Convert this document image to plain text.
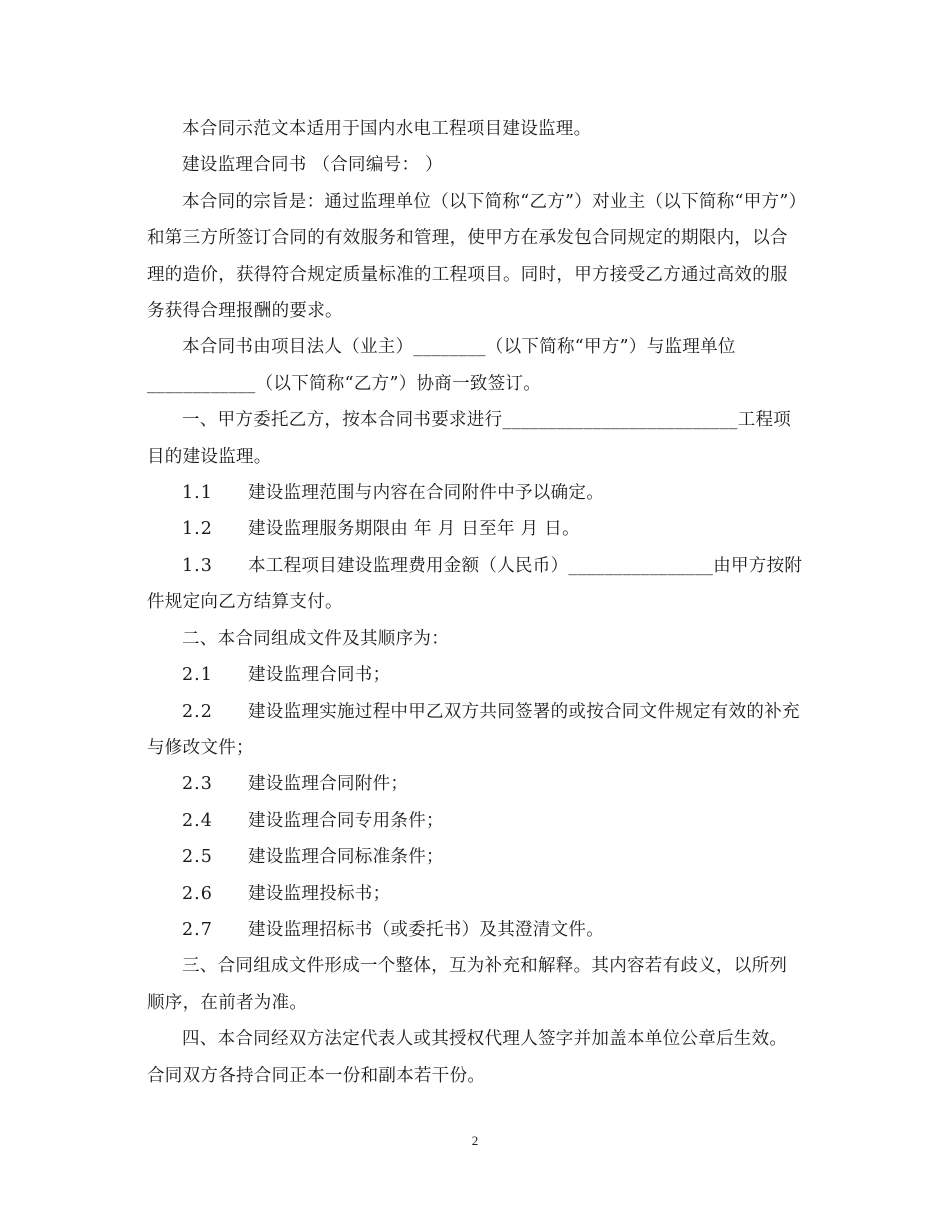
本合同示范文本适用于国内水电工程项目建设监理。

建设监理合同书 （合同编号： ）

本合同的宗旨是：通过监理单位（以下简称“乙方”）对业主（以下简称“甲方”）和第三方所签订合同的有效服务和管理，使甲方在承发包合同规定的期限内，以合理的造价，获得符合规定质量标准的工程项目。同时，甲方接受乙方通过高效的服务获得合理报酬的要求。

本合同书由项目法人（业主）________（以下简称“甲方”）与监理单位____________（以下简称“乙方”）协商一致签订。

一、甲方委托乙方，按本合同书要求进行__________________________工程项目的建设监理。

1.1 建设监理范围与内容在合同附件中予以确定。

1.2 建设监理服务期限由 年 月 日至年 月 日。

1.3 本工程项目建设监理费用金额（人民币）________________由甲方按附件规定向乙方结算支付。

二、本合同组成文件及其顺序为：

2.1 建设监理合同书；

2.2 建设监理实施过程中甲乙双方共同签署的或按合同文件规定有效的补充与修改文件；

2.3 建设监理合同附件；

2.4 建设监理合同专用条件；

2.5 建设监理合同标准条件；

2.6 建设监理投标书；

2.7 建设监理招标书（或委托书）及其澄清文件。

三、合同组成文件形成一个整体，互为补充和解释。其内容若有歧义，以所列顺序，在前者为准。

四、本合同经双方法定代表人或其授权代理人签字并加盖本单位公章后生效。合同双方各持合同正本一份和副本若干份。

2
